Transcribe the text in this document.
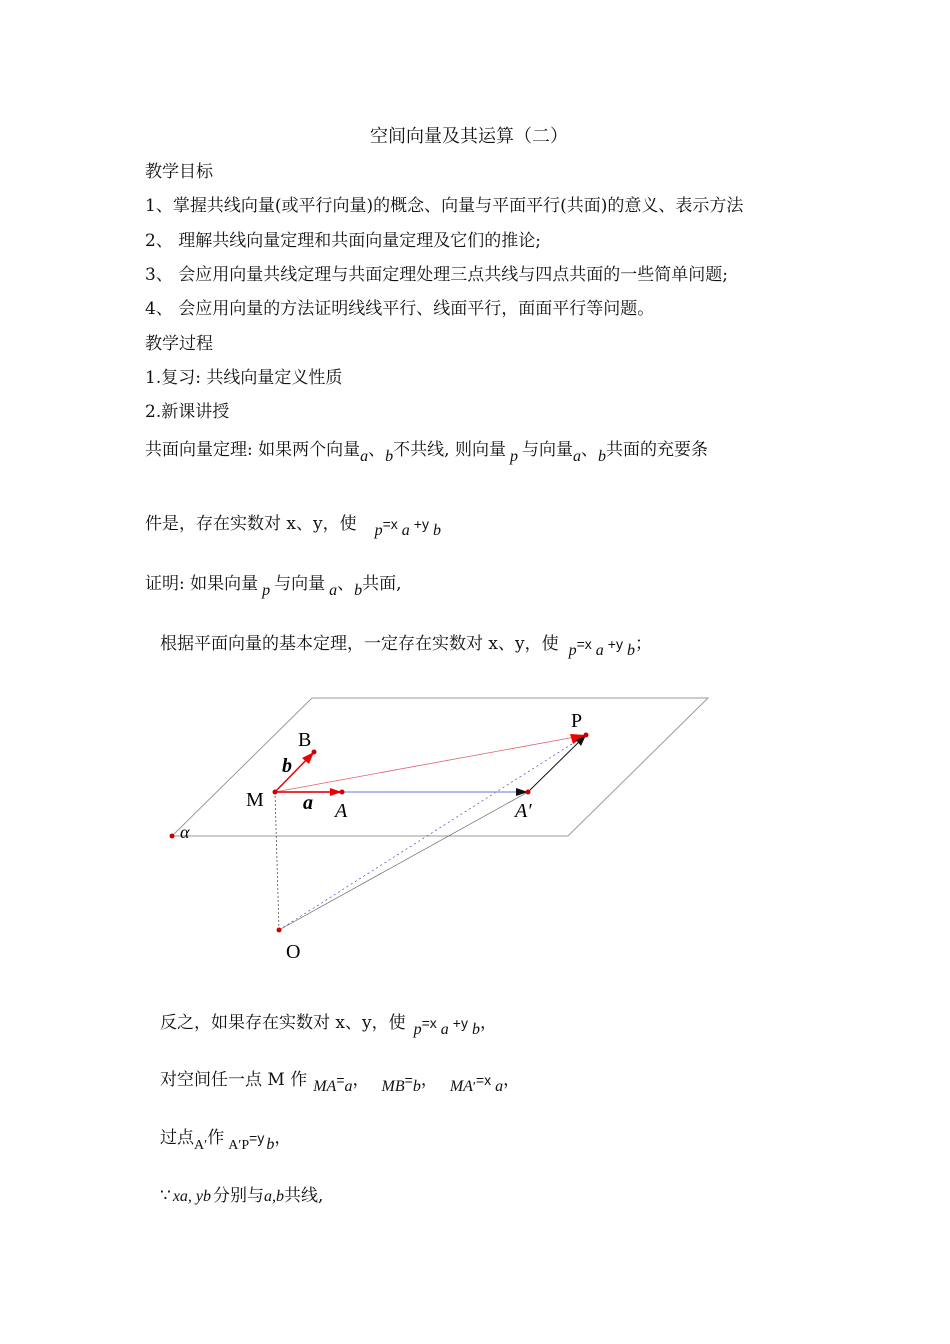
空间向量及其运算（二）
教学目标
1、掌握共线向量(或平行向量)的概念、向量与平面平行(共面)的意义、表示方法
2、 理解共线向量定理和共面向量定理及它们的推论;
3、 会应用向量共线定理与共面定理处理三点共线与四点共面的一些简单问题;
4、 会应用向量的方法证明线线平行、线面平行，面面平行等问题。
教学过程
1.复习: 共线向量定义性质
2.新课讲授
共面向量定理: 如果两个向量a、b不共线, 则向量 p 与向量a、b共面的充要条
件是，存在实数对 x、y，使 p=x a +y b
证明: 如果向量 p 与向量 a、b共面,
根据平面向量的基本定理，一定存在实数对 x、y，使 p=x a +y b；
P
B
b
M a A	A′
α
O
反之，如果存在实数对 x、y，使 p=x a +y b，
对空间任一点 M 作 MA=a， MB=b， $MA'=x$ a，
过点$_{A'}$作 $_{A'P}$=y b，
∵ xa, yb 分别与a,b共线,
